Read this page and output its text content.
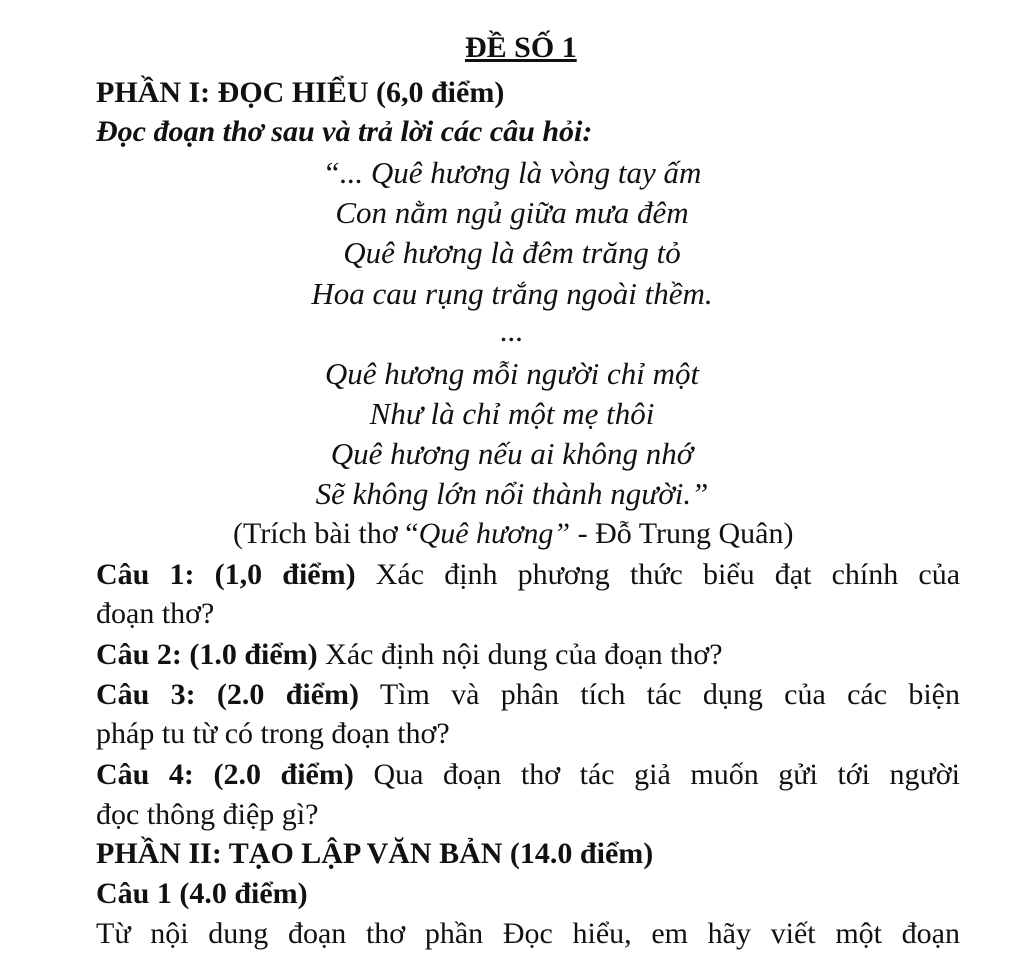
ĐỀ SỐ 1
PHẦN I: ĐỌC HIỂU (6,0 điểm)
Đọc đoạn thơ sau và trả lời các câu hỏi:
“... Quê hương là vòng tay ấm
Con nằm ngủ giữa mưa đêm
Quê hương là đêm trăng tỏ
Hoa cau rụng trắng ngoài thềm.
...
Quê hương mỗi người chỉ một
Như là chỉ một mẹ thôi
Quê hương nếu ai không nhớ
Sẽ không lớn nổi thành người.”
(Trích bài thơ “Quê hương” - Đỗ Trung Quân)
Câu 1: (1,0 điểm) Xác định phương thức biểu đạt chính của
đoạn thơ?
Câu 2: (1.0 điểm) Xác định nội dung của đoạn thơ?
Câu 3: (2.0 điểm) Tìm và phân tích tác dụng của các biện
pháp tu từ có trong đoạn thơ?
Câu 4: (2.0 điểm) Qua đoạn thơ tác giả muốn gửi tới người
đọc thông điệp gì?
PHẦN II: TẠO LẬP VĂN BẢN (14.0 điểm)
Câu 1 (4.0 điểm)
Từ nội dung đoạn thơ phần Đọc hiểu, em hãy viết một đoạn
